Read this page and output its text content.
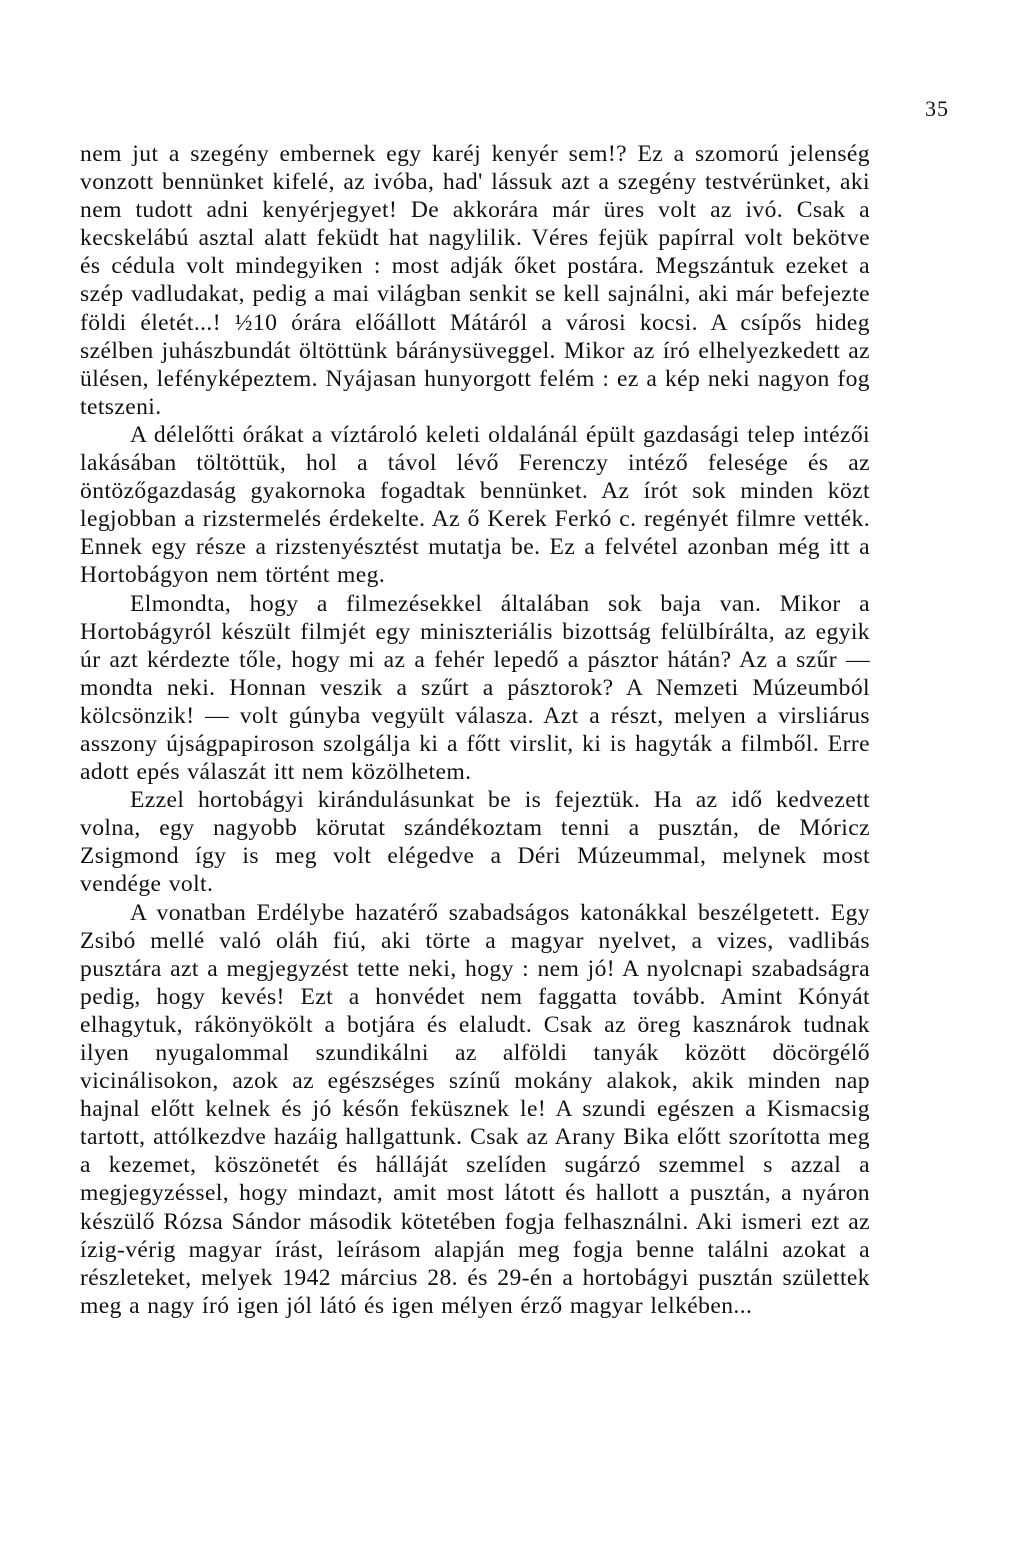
35

nem jut a szegény embernek egy karéj kenyér sem!? Ez a szomorú jelenség vonzott bennünket kifelé, az ivóba, had' lássuk azt a szegény testvérünket, aki nem tudott adni kenyérjegyet! De akkorára már üres volt az ivó. Csak a kecskelábú asztal alatt feküdt hat nagylilik. Véres fejük papírral volt bekötve és cédula volt mindegyiken : most adják őket postára. Megszántuk ezeket a szép vadludakat, pedig a mai világban senkit se kell sajnálni, aki már befejezte földi életét...! ½10 órára előállott Mátáról a városi kocsi. A csípős hideg szélben juhászbundát öltöttünk báránysüveggel. Mikor az író elhelyezkedett az ülésen, lefényképeztem. Nyájasan hunyorgott felém : ez a kép neki nagyon fog tetszeni.

A délelőtti órákat a víztároló keleti oldalánál épült gazdasági telep intézői lakásában töltöttük, hol a távol lévő Ferenczy intéző felesége és az öntözőgazdaság gyakornoka fogadtak bennünket. Az írót sok minden közt legjobban a rizstermelés érdekelte. Az ő Kerek Ferkó c. regényét filmre vették. Ennek egy része a rizstenyésztést mutatja be. Ez a felvétel azonban még itt a Hortobágyon nem történt meg.

Elmondta, hogy a filmezésekkel általában sok baja van. Mikor a Hortobágyról készült filmjét egy miniszteriális bizottság felülbírálta, az egyik úr azt kérdezte tőle, hogy mi az a fehér lepedő a pásztor hátán? Az a szűr — mondta neki. Honnan veszik a szűrt a pásztorok? A Nemzeti Múzeumból kölcsönzik! — volt gúnyba vegyült válasza. Azt a részt, melyen a virsliárus asszony újságpapiroson szolgálja ki a főtt virslit, ki is hagyták a filmből. Erre adott epés válaszát itt nem közölhetem.

Ezzel hortobágyi kirándulásunkat be is fejeztük. Ha az idő kedvezett volna, egy nagyobb körutat szándékoztam tenni a pusztán, de Móricz Zsigmond így is meg volt elégedve a Déri Múzeummal, melynek most vendége volt.

A vonatban Erdélybe hazatérő szabadságos katonákkal beszélgetett. Egy Zsibó mellé való oláh fiú, aki törte a magyar nyelvet, a vizes, vadlibás pusztára azt a megjegyzést tette neki, hogy : nem jó! A nyolcnapi szabadságra pedig, hogy kevés! Ezt a honvédet nem faggatta tovább. Amint Kónyát elhagytuk, rákönyökölt a botjára és elaludt. Csak az öreg kasznárok tudnak ilyen nyugalommal szundikálni az alföldi tanyák között döcörgélő vicinálisokon, azok az egészséges színű mokány alakok, akik minden nap hajnal előtt kelnek és jó későn feküsznek le! A szundi egészen a Kismacsig tartott, attólkezdve hazáig hallgattunk. Csak az Arany Bika előtt szorította meg a kezemet, köszönetét és hálláját szelíden sugárzó szemmel s azzal a megjegyzéssel, hogy mindazt, amit most látott és hallott a pusztán, a nyáron készülő Rózsa Sándor második kötetében fogja felhasználni. Aki ismeri ezt az ízig-vérig magyar írást, leírásom alapján meg fogja benne találni azokat a részleteket, melyek 1942 március 28. és 29-én a hortobágyi pusztán születtek meg a nagy író igen jól látó és igen mélyen érző magyar lelkében...
